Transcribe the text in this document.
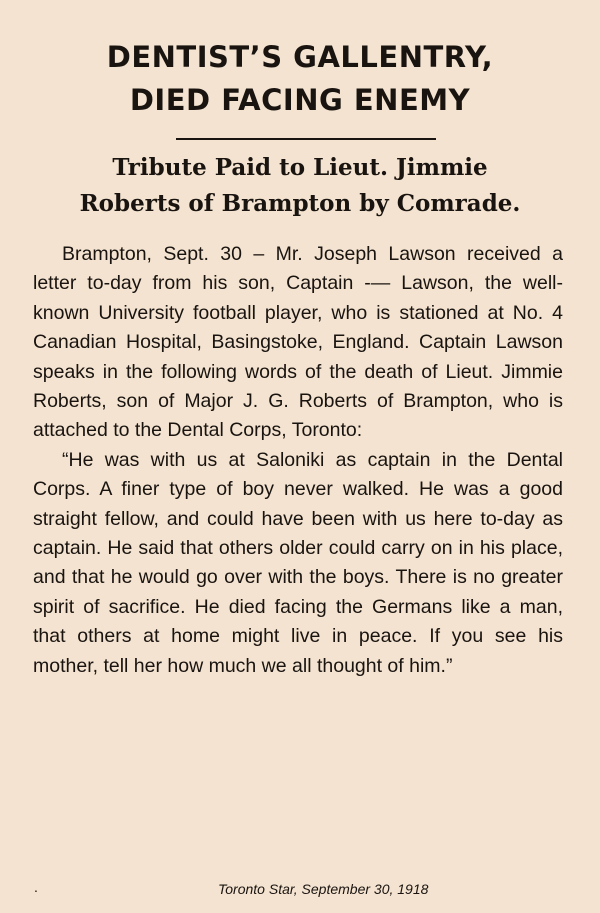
DENTIST’S GALLENTRY,
DIED FACING ENEMY
Tribute Paid to Lieut. Jimmie
Roberts of Brampton by Comrade.

Brampton, Sept. 30 – Mr. Joseph Lawson received a letter to-day from his son, Captain -— Lawson, the well-known University football player, who is stationed at No. 4 Canadian Hospital, Basingstoke, England. Captain Lawson speaks in the following words of the death of Lieut. Jimmie Roberts, son of Major J. G. Roberts of Brampton, who is attached to the Dental Corps, Toronto:

“He was with us at Saloniki as captain in the Dental Corps. A finer type of boy never walked. He was a good straight fellow, and could have been with us here to-day as captain. He said that others older could carry on in his place, and that he would go over with the boys. There is no greater spirit of sacrifice. He died facing the Germans like a man, that others at home might live in peace. If you see his mother, tell her how much we all thought of him.”

.	Toronto Star, September 30, 1918
